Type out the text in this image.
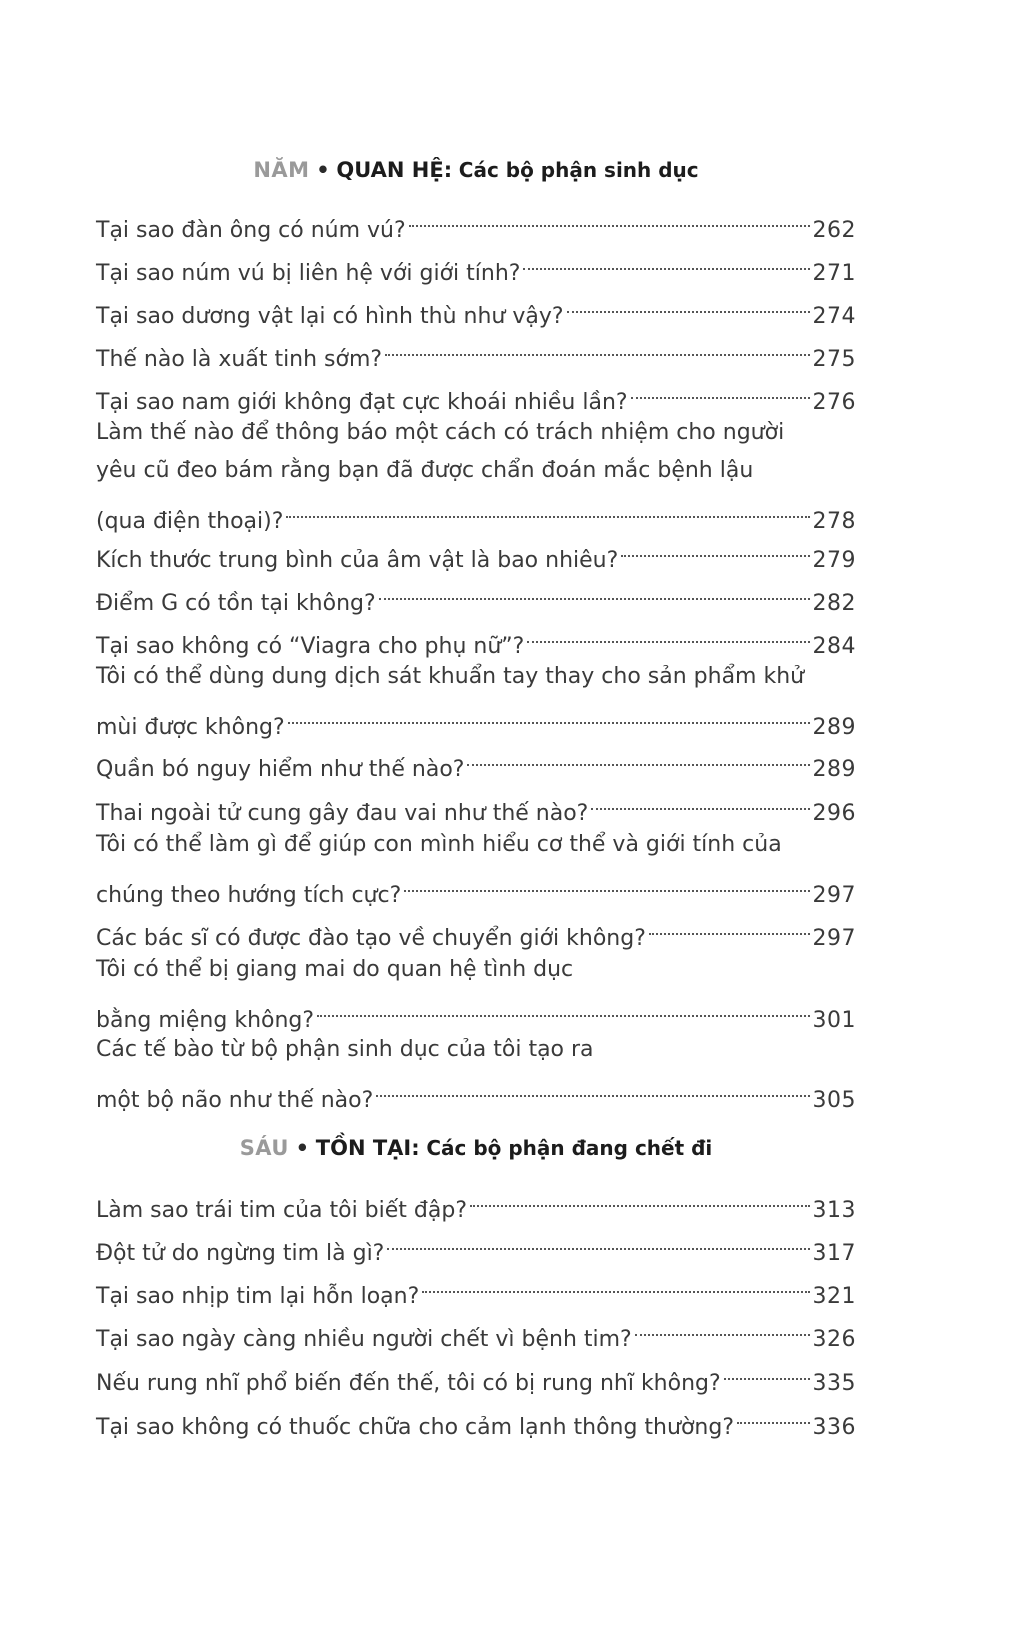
NĂM • QUAN HỆ: Các bộ phận sinh dục
Tại sao đàn ông có núm vú?	262
Tại sao núm vú bị liên hệ với giới tính?	271
Tại sao dương vật lại có hình thù như vậy?	274
Thế nào là xuất tinh sớm?	275
Tại sao nam giới không đạt cực khoái nhiều lần?	276
Làm thế nào để thông báo một cách có trách nhiệm cho người
yêu cũ đeo bám rằng bạn đã được chẩn đoán mắc bệnh lậu
(qua điện thoại)?	278
Kích thước trung bình của âm vật là bao nhiêu?	279
Điểm G có tồn tại không?	282
Tại sao không có “Viagra cho phụ nữ”?	284
Tôi có thể dùng dung dịch sát khuẩn tay thay cho sản phẩm khử
mùi được không?	289
Quần bó nguy hiểm như thế nào?	289
Thai ngoài tử cung gây đau vai như thế nào?	296
Tôi có thể làm gì để giúp con mình hiểu cơ thể và giới tính của
chúng theo hướng tích cực?	297
Các bác sĩ có được đào tạo về chuyển giới không?	297
Tôi có thể bị giang mai do quan hệ tình dục
bằng miệng không?	301
Các tế bào từ bộ phận sinh dục của tôi tạo ra
một bộ não như thế nào?	305
SÁU • TỒN TẠI: Các bộ phận đang chết đi
Làm sao trái tim của tôi biết đập?	313
Đột tử do ngừng tim là gì?	317
Tại sao nhịp tim lại hỗn loạn?	321
Tại sao ngày càng nhiều người chết vì bệnh tim?	326
Nếu rung nhĩ phổ biến đến thế, tôi có bị rung nhĩ không?	335
Tại sao không có thuốc chữa cho cảm lạnh thông thường?	336
